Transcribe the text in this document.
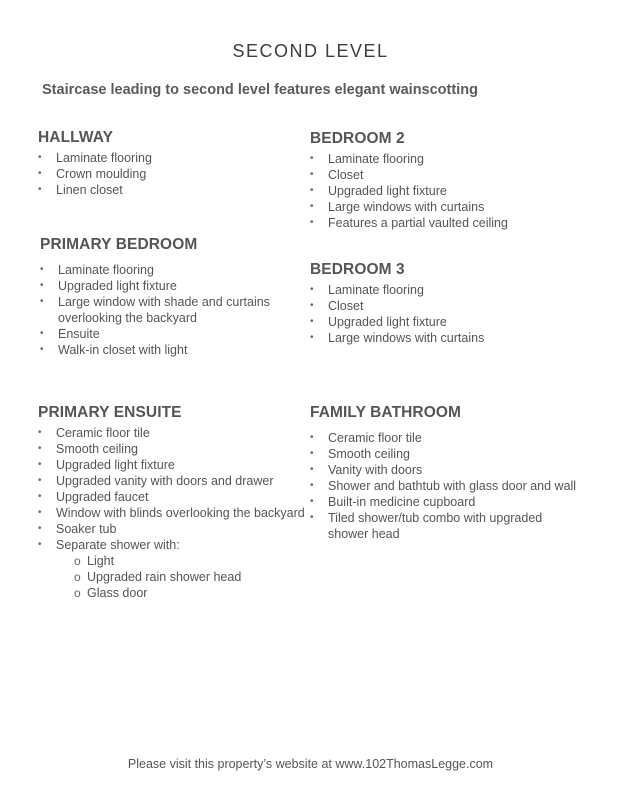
SECOND LEVEL
Staircase leading to second level features elegant wainscotting
HALLWAY
• Laminate flooring
• Crown moulding
• Linen closet
BEDROOM 2
• Laminate flooring
• Closet
• Upgraded light fixture
• Large windows with curtains
• Features a partial vaulted ceiling
PRIMARY BEDROOM
• Laminate flooring
• Upgraded light fixture
• Large window with shade and curtains overlooking the backyard
• Ensuite
• Walk-in closet with light
BEDROOM 3
• Laminate flooring
• Closet
• Upgraded light fixture
• Large windows with curtains
PRIMARY ENSUITE
• Ceramic floor tile
• Smooth ceiling
• Upgraded light fixture
• Upgraded vanity with doors and drawer
• Upgraded faucet
• Window with blinds overlooking the backyard
• Soaker tub
• Separate shower with:
o Light
o Upgraded rain shower head
o Glass door
FAMILY BATHROOM
• Ceramic floor tile
• Smooth ceiling
• Vanity with doors
• Shower and bathtub with glass door and wall
• Built-in medicine cupboard
• Tiled shower/tub combo with upgraded shower head
Please visit this property’s website at www.102ThomasLegge.com
